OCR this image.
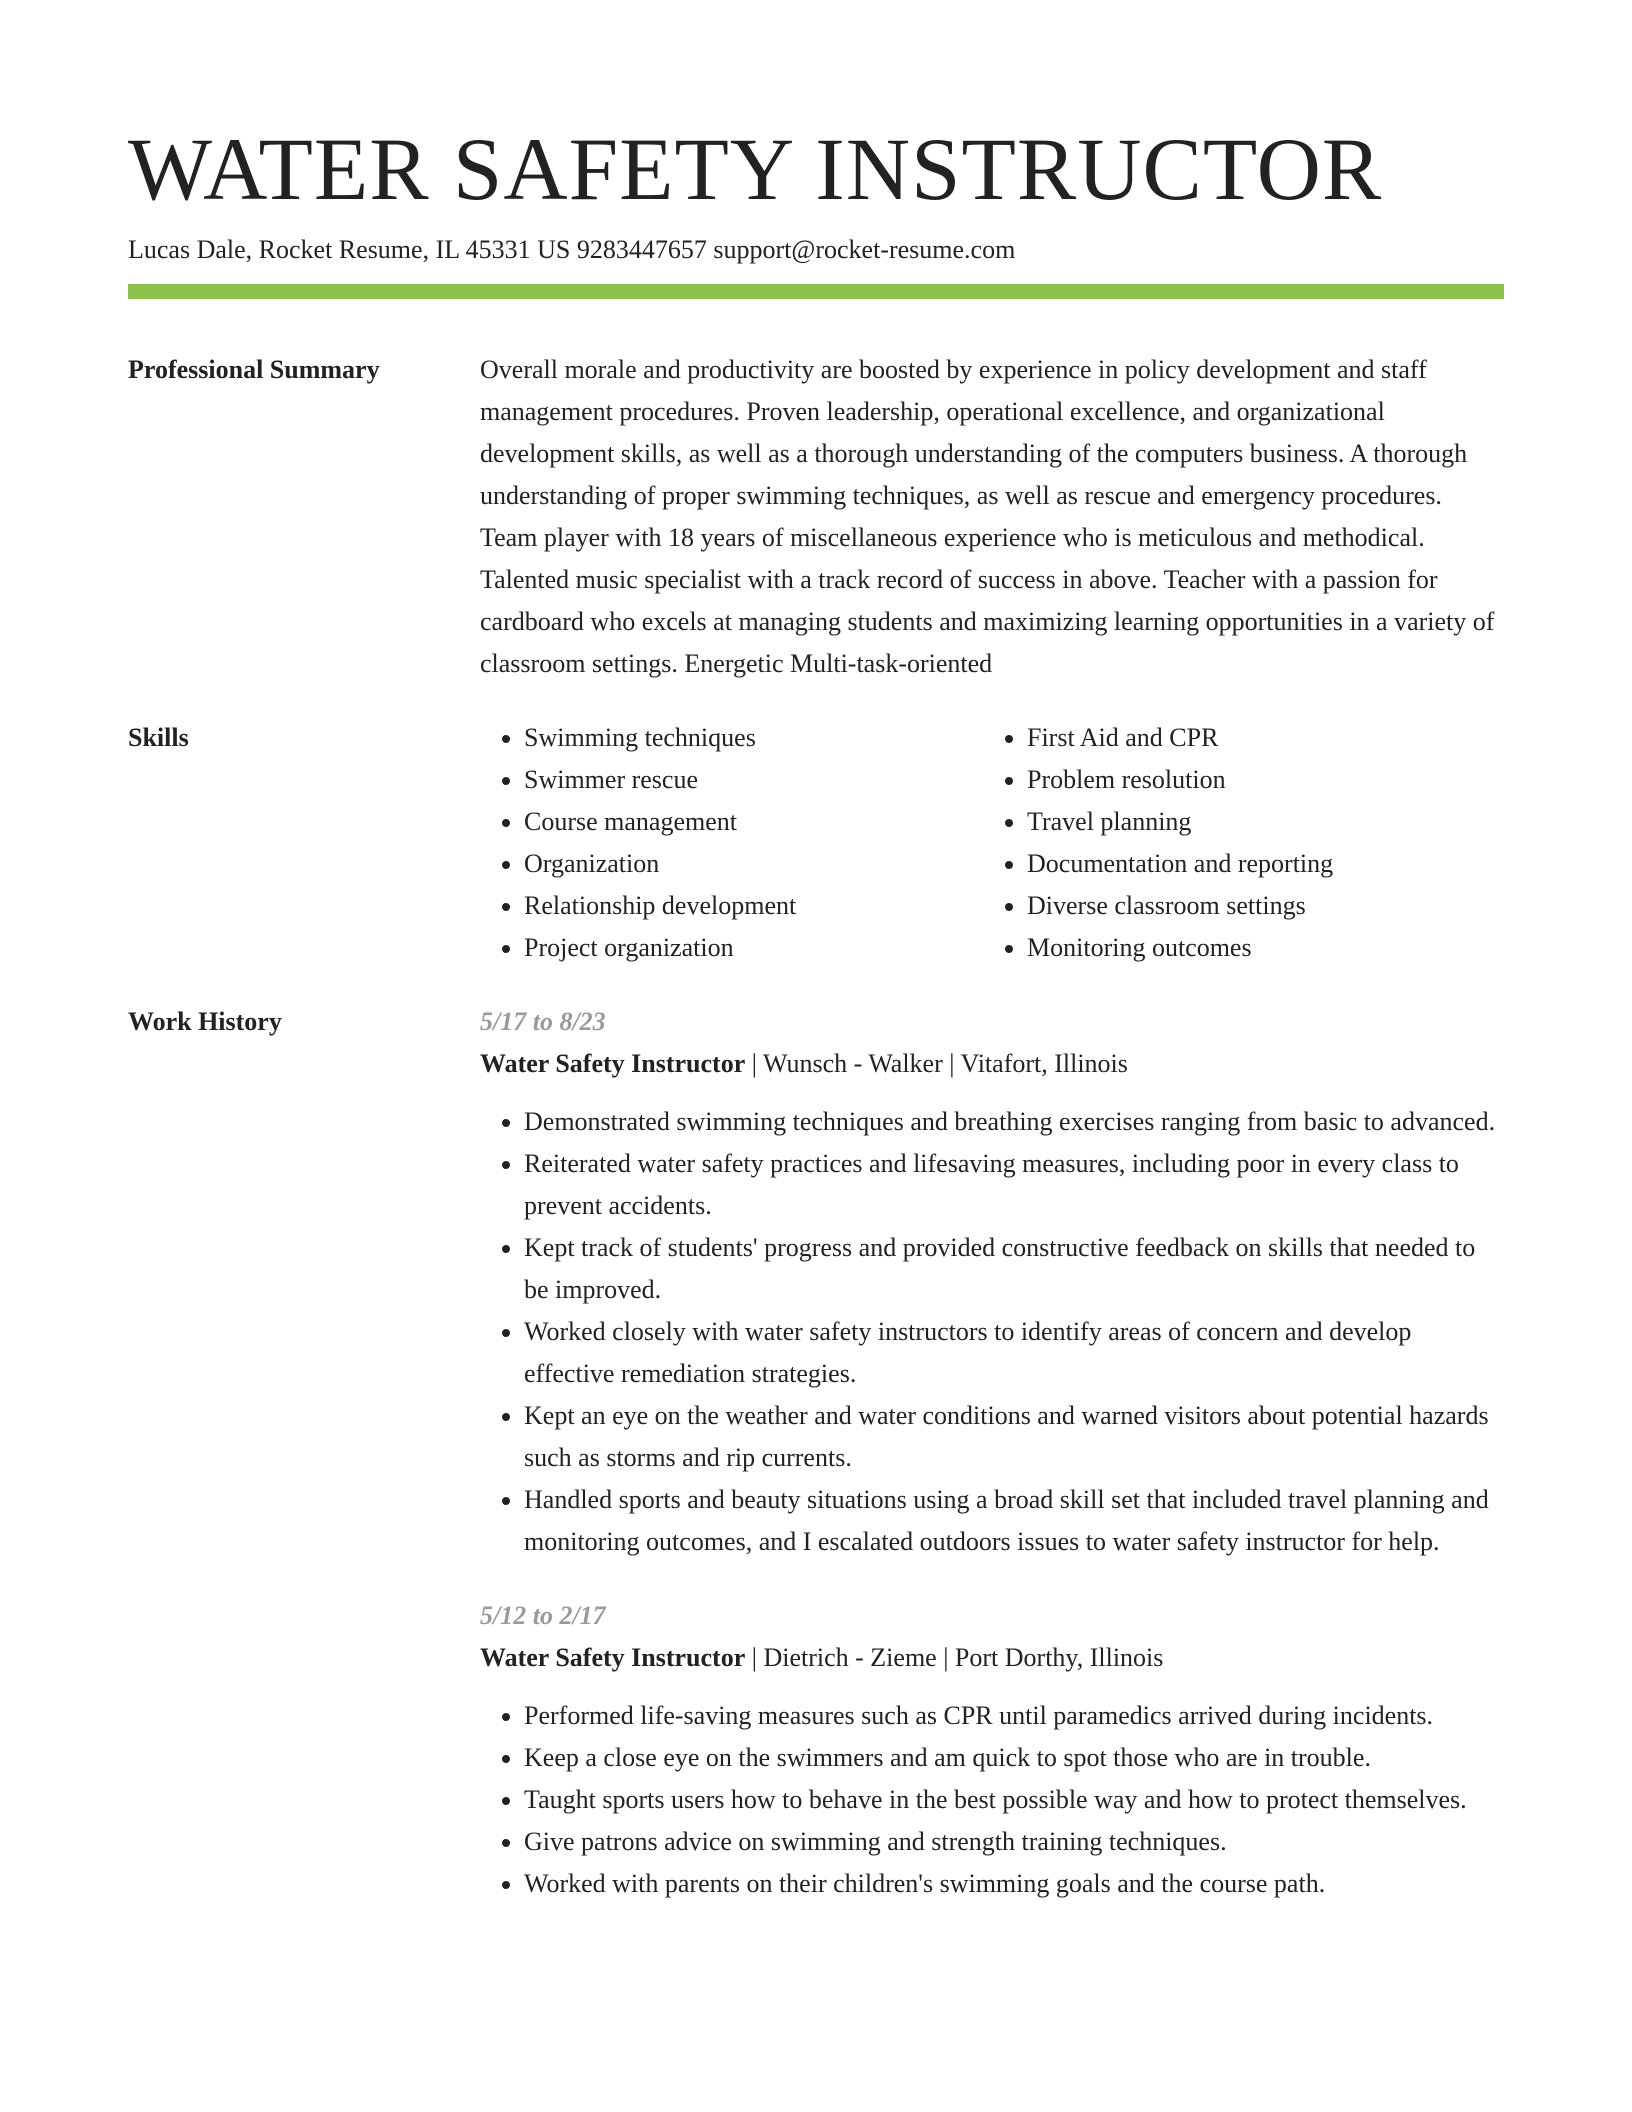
WATER SAFETY INSTRUCTOR

Lucas Dale, Rocket Resume, IL 45331 US 9283447657 support@rocket-resume.com

Professional Summary	Overall morale and productivity are boosted by experience in policy development and staff management procedures. Proven leadership, operational excellence, and organizational development skills, as well as a thorough understanding of the computers business. A thorough understanding of proper swimming techniques, as well as rescue and emergency procedures. Team player with 18 years of miscellaneous experience who is meticulous and methodical. Talented music specialist with a track record of success in above. Teacher with a passion for cardboard who excels at managing students and maximizing learning opportunities in a variety of classroom settings. Energetic Multi-task-oriented

Skills
•	Swimming techniques
• Swimmer rescue
• Course management
• Organization
• Relationship development
• Project organization
• First Aid and CPR
• Problem resolution
• Travel planning
• Documentation and reporting
• Diverse classroom settings
• Monitoring outcomes
Work History	5/17 to 8/23

Water Safety Instructor | Wunsch - Walker | Vitafort, Illinois

• Demonstrated swimming techniques and breathing exercises ranging from basic to advanced.
• Reiterated water safety practices and lifesaving measures, including poor in every class to prevent accidents.
• Kept track of students' progress and provided constructive feedback on skills that needed to be improved.
• Worked closely with water safety instructors to identify areas of concern and develop effective remediation strategies.
• Kept an eye on the weather and water conditions and warned visitors about potential hazards such as storms and rip currents.
• Handled sports and beauty situations using a broad skill set that included travel planning and monitoring outcomes, and I escalated outdoors issues to water safety instructor for help.

5/12 to 2/17

Water Safety Instructor | Dietrich - Zieme | Port Dorthy, Illinois

• Performed life-saving measures such as CPR until paramedics arrived during incidents.
• Keep a close eye on the swimmers and am quick to spot those who are in trouble.
• Taught sports users how to behave in the best possible way and how to protect themselves.
• Give patrons advice on swimming and strength training techniques.
• Worked with parents on their children's swimming goals and the course path.
